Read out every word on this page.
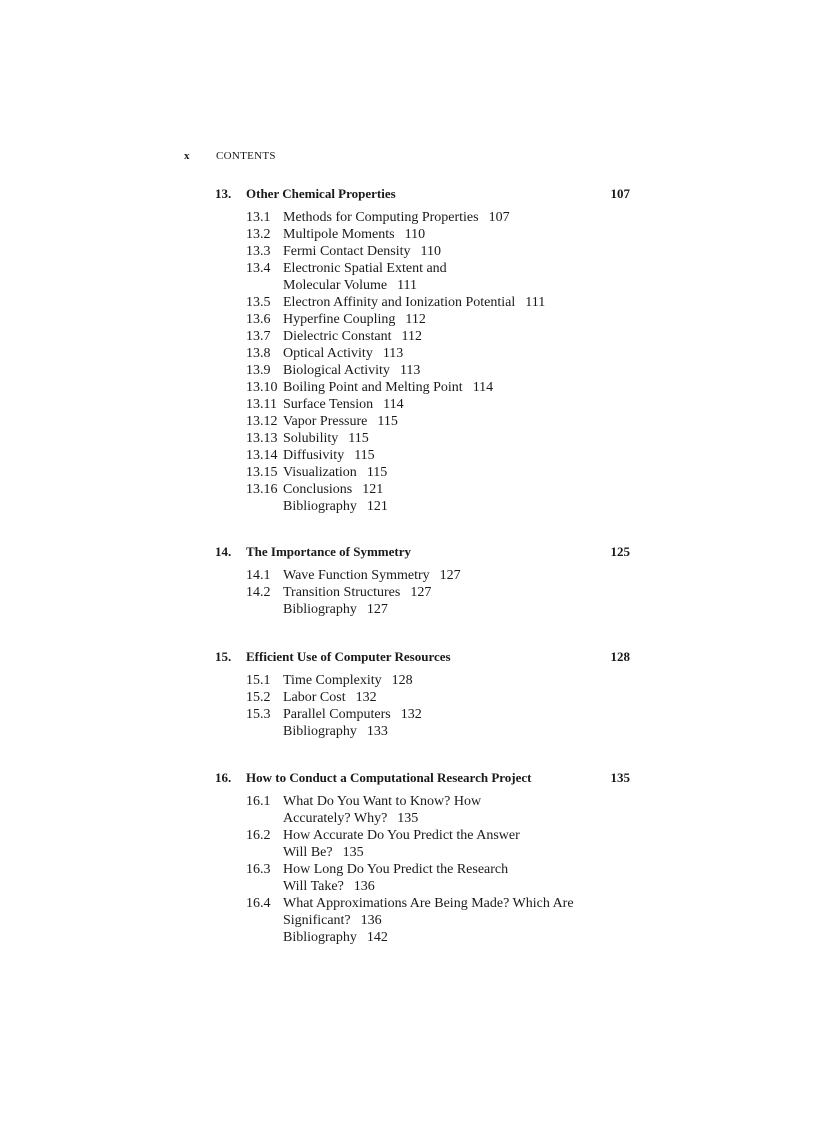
x	CONTENTS
13. Other Chemical Properties	107
13.1 Methods for Computing Properties 107
13.2 Multipole Moments 110
13.3 Fermi Contact Density 110
13.4 Electronic Spatial Extent and Molecular Volume 111
13.5 Electron Affinity and Ionization Potential 111
13.6 Hyperfine Coupling 112
13.7 Dielectric Constant 112
13.8 Optical Activity 113
13.9 Biological Activity 113
13.10 Boiling Point and Melting Point 114
13.11 Surface Tension 114
13.12 Vapor Pressure 115
13.13 Solubility 115
13.14 Diffusivity 115
13.15 Visualization 115
13.16 Conclusions 121
Bibliography 121
14. The Importance of Symmetry	125
14.1 Wave Function Symmetry 127
14.2 Transition Structures 127
Bibliography 127
15. Efficient Use of Computer Resources	128
15.1 Time Complexity 128
15.2 Labor Cost 132
15.3 Parallel Computers 132
Bibliography 133
16. How to Conduct a Computational Research Project	135
16.1 What Do You Want to Know? How Accurately? Why? 135
16.2 How Accurate Do You Predict the Answer Will Be? 135
16.3 How Long Do You Predict the Research Will Take? 136
16.4 What Approximations Are Being Made? Which Are Significant? 136
Bibliography 142
